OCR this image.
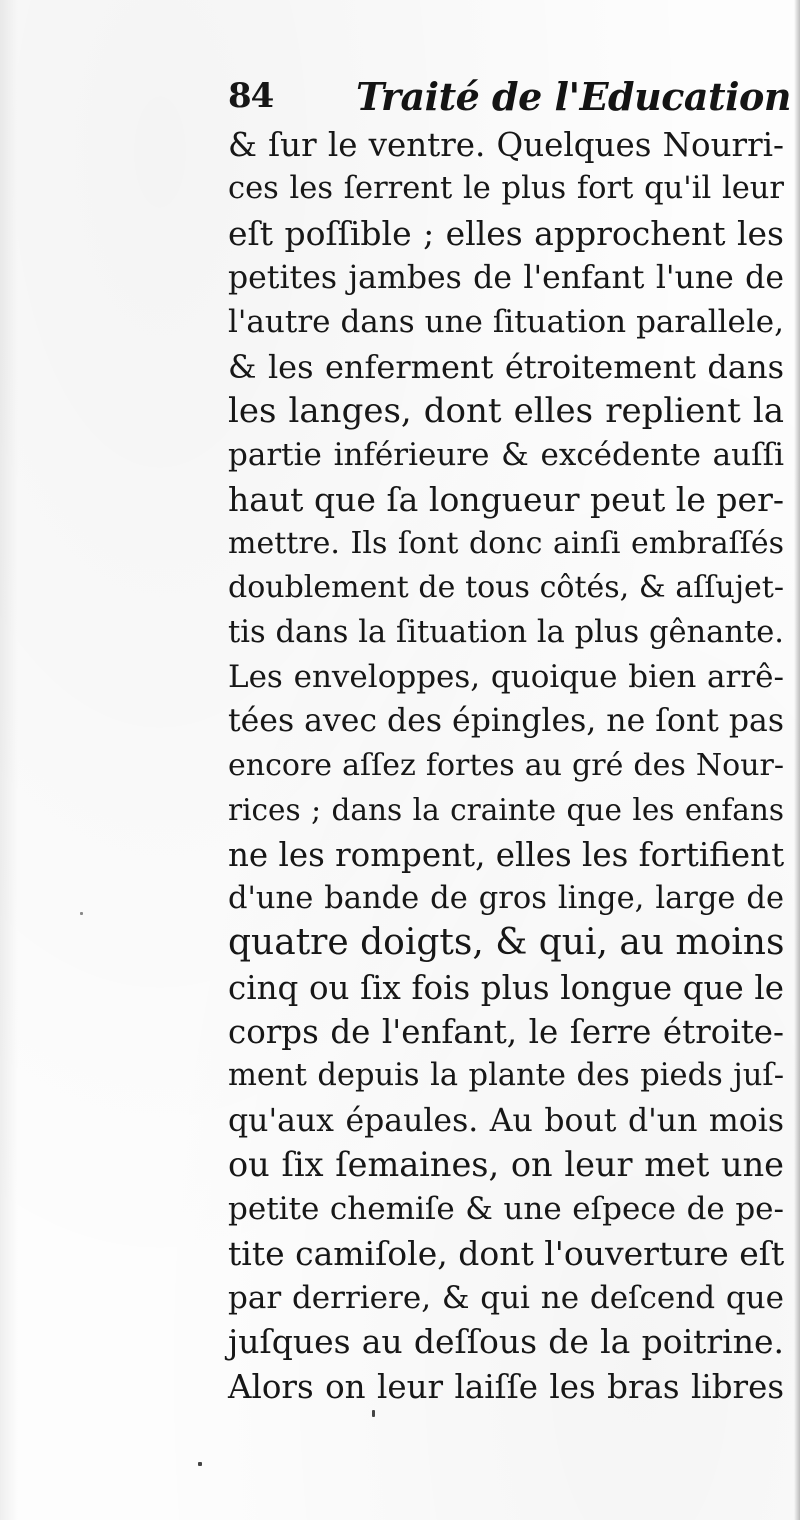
84 Traité de l'Education
& ſur le ventre. Quelques Nourri-
ces les ſerrent le plus fort qu'il leur
eſt poſſible ; elles approchent les
petites jambes de l'enfant l'une de
l'autre dans une ſituation parallele,
& les enferment étroitement dans
les langes, dont elles replient la
partie inférieure & excédente auſſi
haut que ſa longueur peut le per-
mettre. Ils ſont donc ainſi embraſſés
doublement de tous côtés, & aſſujet-
tis dans la ſituation la plus gênante.
Les enveloppes, quoique bien arrê-
tées avec des épingles, ne ſont pas
encore aſſez fortes au gré des Nour-
rices ; dans la crainte que les enfans
ne les rompent, elles les fortifient
d'une bande de gros linge, large de
quatre doigts, & qui, au moins
cinq ou ſix fois plus longue que le
corps de l'enfant, le ſerre étroite-
ment depuis la plante des pieds juſ-
qu'aux épaules. Au bout d'un mois
ou ſix ſemaines, on leur met une
petite chemiſe & une eſpece de pe-
tite camiſole, dont l'ouverture eſt
par derriere, & qui ne deſcend que
juſques au deſſous de la poitrine.
Alors on leur laiſſe les bras libres
